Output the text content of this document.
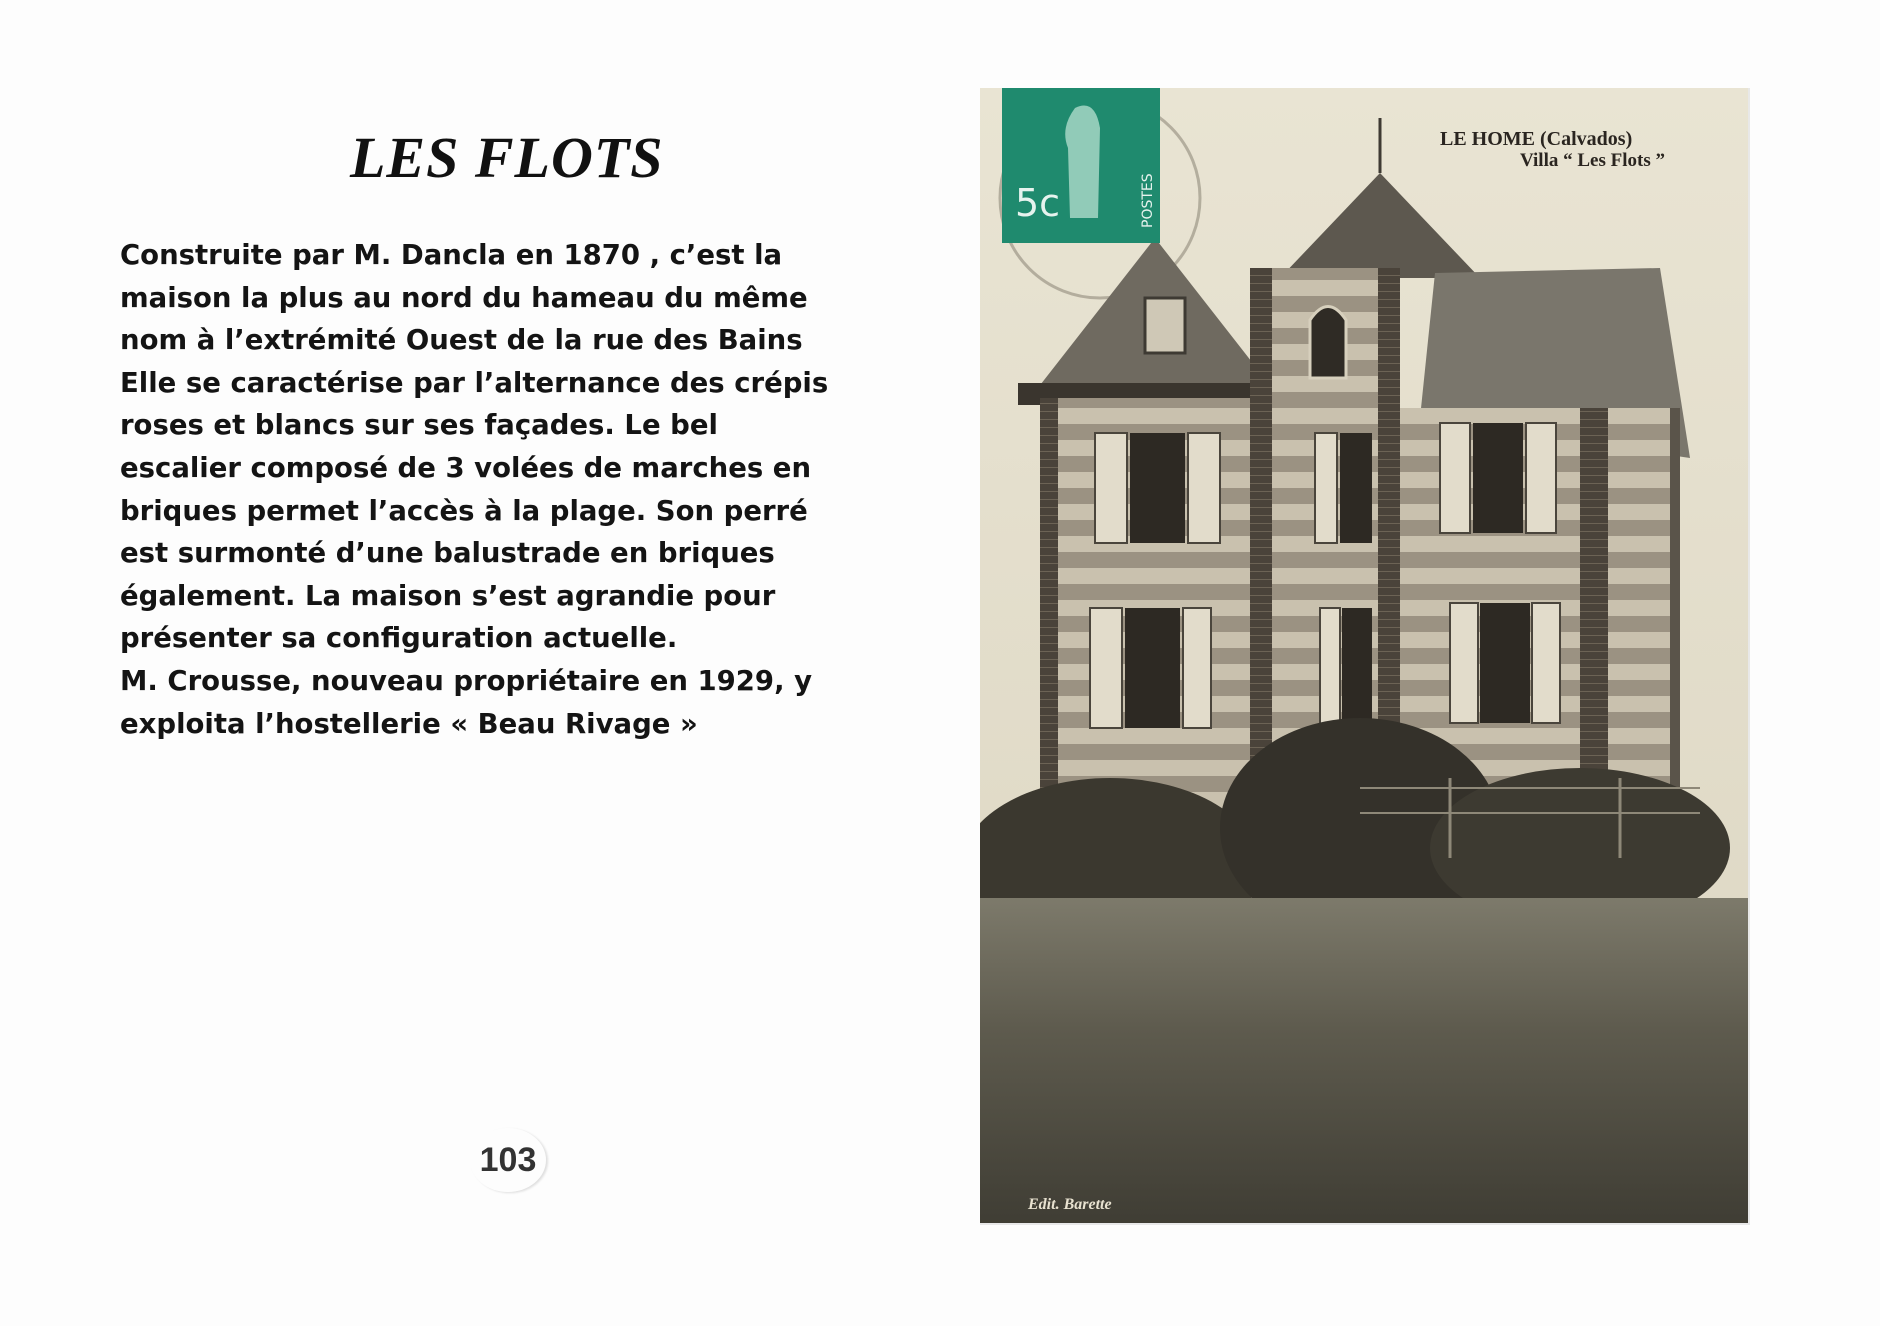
LES FLOTS
Construite par M. Dancla en 1870 , c’est la
maison la plus au nord du hameau du même
nom à l’extrémité Ouest de la rue des Bains
Elle se caractérise par l’alternance des crépis
roses et blancs sur ses façades. Le bel
escalier composé de 3 volées de marches en
briques permet l’accès à la plage. Son perré
est surmonté d’une balustrade en briques
également. La maison s’est agrandie pour
présenter sa configuration actuelle.
M. Crousse, nouveau propriétaire en 1929, y
exploita l’hostellerie « Beau Rivage »
103
5c	POSTES
LE HOME (Calvados)
Villa “ Les Flots ”
Edit. Barette
